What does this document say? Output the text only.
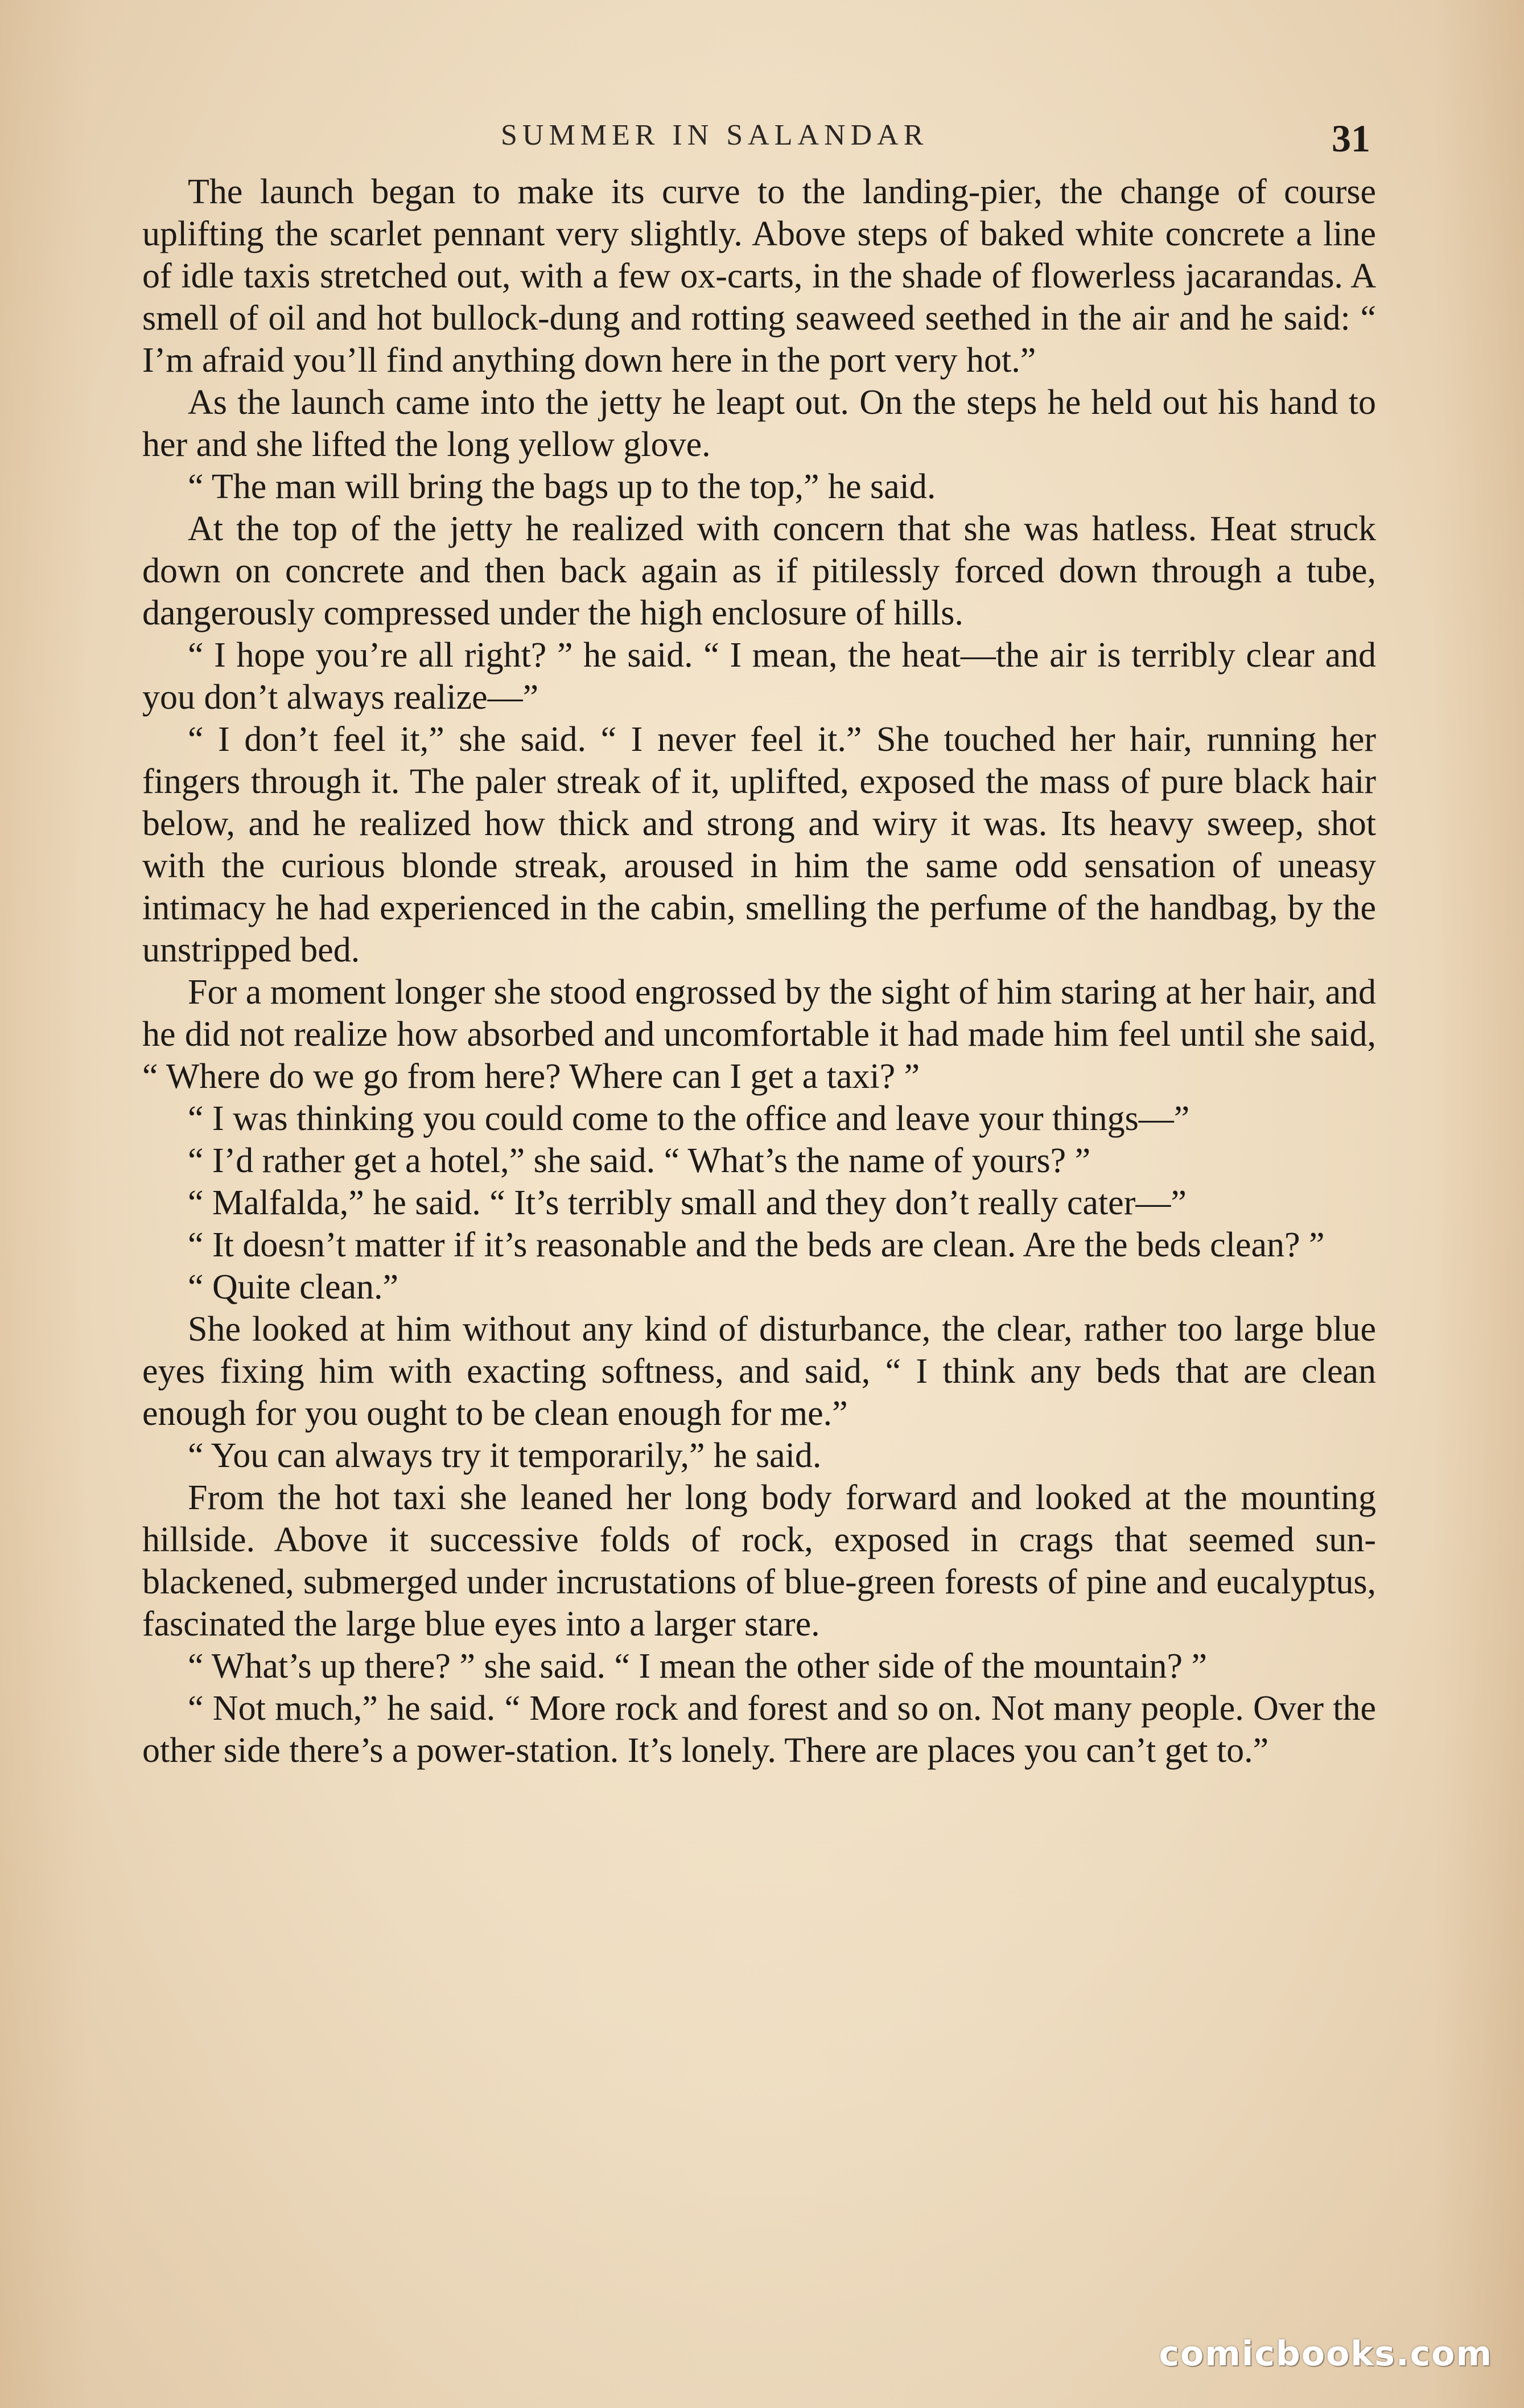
SUMMER IN SALANDAR	31

The launch began to make its curve to the landing-pier, the change of course uplifting the scarlet pennant very slightly. Above steps of baked white concrete a line of idle taxis stretched out, with a few ox-carts, in the shade of flowerless jacarandas. A smell of oil and hot bullock-dung and rotting seaweed seethed in the air and he said: “ I’m afraid you’ll find anything down here in the port very hot.”

As the launch came into the jetty he leapt out. On the steps he held out his hand to her and she lifted the long yellow glove.

“ The man will bring the bags up to the top,” he said.

At the top of the jetty he realized with concern that she was hatless. Heat struck down on concrete and then back again as if pitilessly forced down through a tube, dangerously compressed under the high enclosure of hills.

“ I hope you’re all right? ” he said. “ I mean, the heat—the air is terribly clear and you don’t always realize—”

“ I don’t feel it,” she said. “ I never feel it.” She touched her hair, running her fingers through it. The paler streak of it, uplifted, exposed the mass of pure black hair below, and he realized how thick and strong and wiry it was. Its heavy sweep, shot with the curious blonde streak, aroused in him the same odd sensation of uneasy intimacy he had experienced in the cabin, smelling the perfume of the handbag, by the unstripped bed.

For a moment longer she stood engrossed by the sight of him staring at her hair, and he did not realize how absorbed and uncomfortable it had made him feel until she said, “ Where do we go from here? Where can I get a taxi? ”

“ I was thinking you could come to the office and leave your things—”

“ I’d rather get a hotel,” she said. “ What’s the name of yours? ”

“ Malfalda,” he said. “ It’s terribly small and they don’t really cater—”

“ It doesn’t matter if it’s reasonable and the beds are clean. Are the beds clean? ”

“ Quite clean.”

She looked at him without any kind of disturbance, the clear, rather too large blue eyes fixing him with exacting softness, and said, “ I think any beds that are clean enough for you ought to be clean enough for me.”

“ You can always try it temporarily,” he said.

From the hot taxi she leaned her long body forward and looked at the mounting hillside. Above it successive folds of rock, exposed in crags that seemed sun-blackened, submerged under incrustations of blue-green forests of pine and eucalyptus, fascinated the large blue eyes into a larger stare.

“ What’s up there? ” she said. “ I mean the other side of the mountain? ”

“ Not much,” he said. “ More rock and forest and so on. Not many people. Over the other side there’s a power-station. It’s lonely. There are places you can’t get to.”

comicbooks.com
